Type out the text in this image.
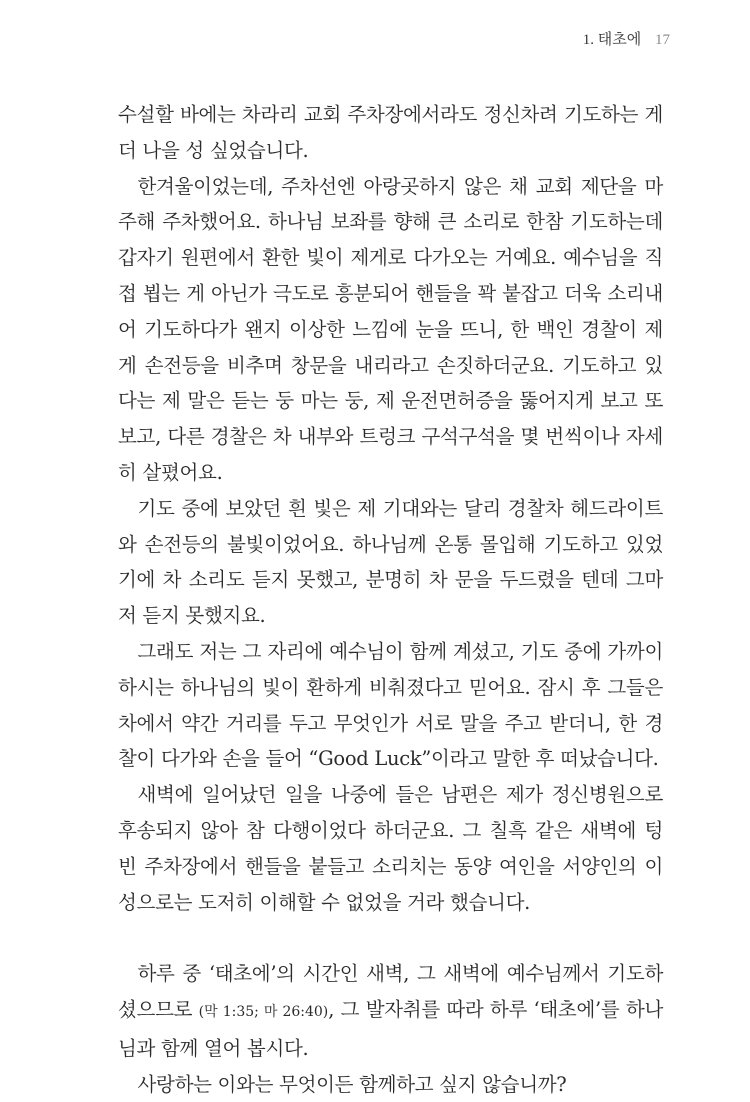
1. 태초에 17

수설할 바에는 차라리 교회 주차장에서라도 정신차려 기도하는 게 더 나을 성 싶었습니다.

한겨울이었는데, 주차선엔 아랑곳하지 않은 채 교회 제단을 마주해 주차했어요. 하나님 보좌를 향해 큰 소리로 한참 기도하는데 갑자기 원편에서 환한 빛이 제게로 다가오는 거예요. 예수님을 직접 뵙는 게 아닌가 극도로 흥분되어 핸들을 꽉 붙잡고 더욱 소리내어 기도하다가 왠지 이상한 느낌에 눈을 뜨니, 한 백인 경찰이 제게 손전등을 비추며 창문을 내리라고 손짓하더군요. 기도하고 있다는 제 말은 듣는 둥 마는 둥, 제 운전면허증을 뚫어지게 보고 또 보고, 다른 경찰은 차 내부와 트렁크 구석구석을 몇 번씩이나 자세히 살폈어요.

기도 중에 보았던 흰 빛은 제 기대와는 달리 경찰차 헤드라이트와 손전등의 불빛이었어요. 하나님께 온통 몰입해 기도하고 있었기에 차 소리도 듣지 못했고, 분명히 차 문을 두드렸을 텐데 그마저 듣지 못했지요.

그래도 저는 그 자리에 예수님이 함께 계셨고, 기도 중에 가까이 하시는 하나님의 빛이 환하게 비춰졌다고 믿어요. 잠시 후 그들은 차에서 약간 거리를 두고 무엇인가 서로 말을 주고 받더니, 한 경찰이 다가와 손을 들어 “Good Luck”이라고 말한 후 떠났습니다.

새벽에 일어났던 일을 나중에 들은 남편은 제가 정신병원으로 후송되지 않아 참 다행이었다 하더군요. 그 칠흑 같은 새벽에 텅 빈 주차장에서 핸들을 붙들고 소리치는 동양 여인을 서양인의 이성으로는 도저히 이해할 수 없었을 거라 했습니다.

하루 중 ‘태초에’의 시간인 새벽, 그 새벽에 예수님께서 기도하셨으므로 (막 1:35; 마 26:40), 그 발자취를 따라 하루 ‘태초에’를 하나님과 함께 열어 봅시다.

사랑하는 이와는 무엇이든 함께하고 싶지 않습니까?
